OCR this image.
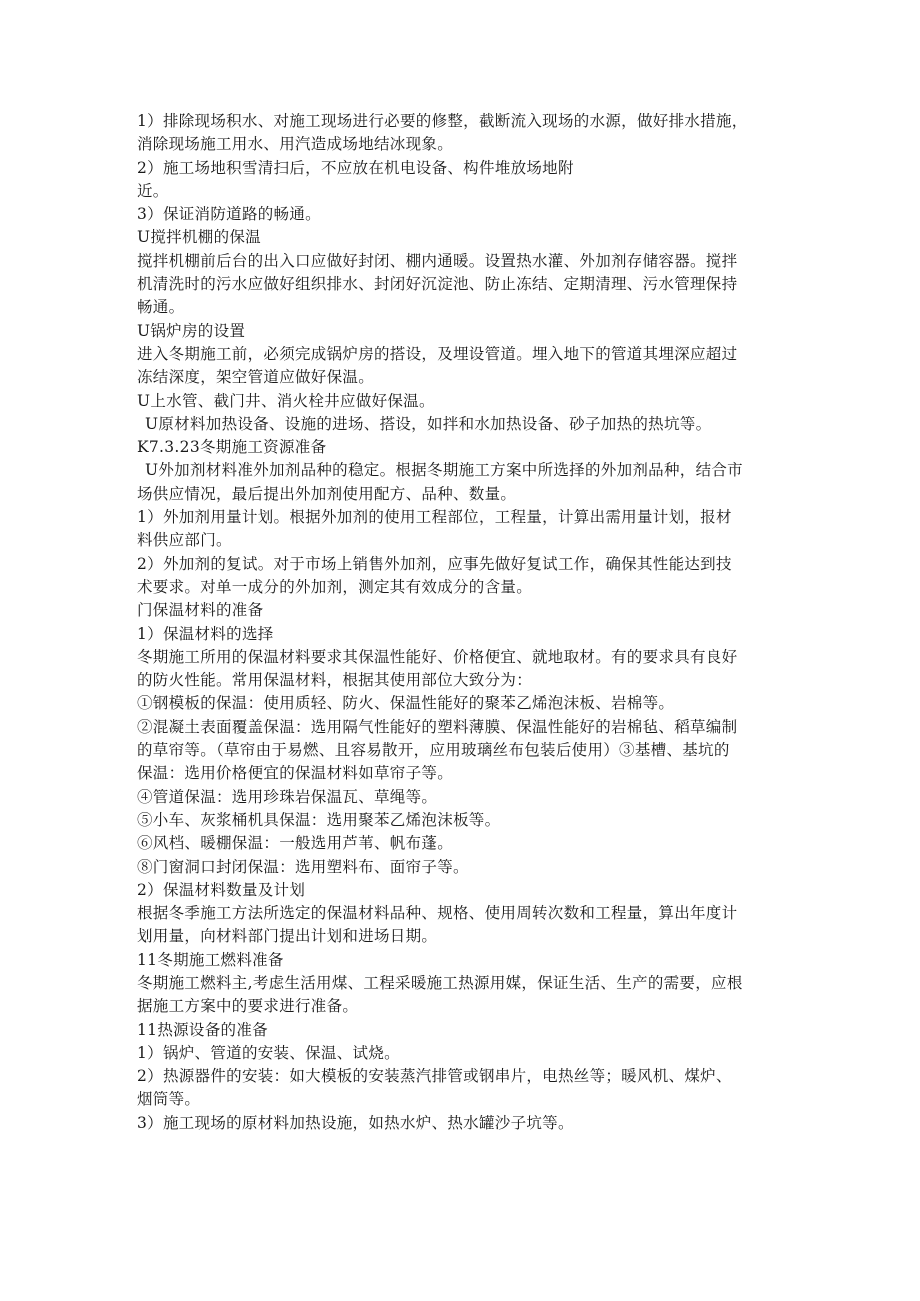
1）排除现场积水、对施工现场进行必要的修整，截断流入现场的水源，做好排水措施，
消除现场施工用水、用汽造成场地结冰现象。
2）施工场地积雪清扫后，不应放在机电设备、构件堆放场地附
近。
3）保证消防道路的畅通。
U搅拌机棚的保温
搅拌机棚前后台的出入口应做好封闭、棚内通暖。设置热水灌、外加剂存储容器。搅拌
机清洗时的污水应做好组织排水、封闭好沉淀池、防止冻结、定期清理、污水管理保持
畅通。
U锅炉房的设置
进入冬期施工前，必须完成锅炉房的搭设，及埋设管道。埋入地下的管道其埋深应超过
冻结深度，架空管道应做好保温。
U上水管、截门井、消火栓井应做好保温。
U原材料加热设备、设施的进场、搭设，如拌和水加热设备、砂子加热的热坑等。
K7.3.23冬期施工资源准备
U外加剂材料准外加剂品种的稳定。根据冬期施工方案中所选择的外加剂品种，结合市
场供应情况，最后提出外加剂使用配方、品种、数量。
1）外加剂用量计划。根据外加剂的使用工程部位，工程量，计算出需用量计划，报材
料供应部门。
2）外加剂的复试。对于市场上销售外加剂，应事先做好复试工作，确保其性能达到技
术要求。对单一成分的外加剂，测定其有效成分的含量。
门保温材料的准备
1）保温材料的选择
冬期施工所用的保温材料要求其保温性能好、价格便宜、就地取材。有的要求具有良好
的防火性能。常用保温材料，根据其使用部位大致分为：
①钢模板的保温：使用质轻、防火、保温性能好的聚苯乙烯泡沫板、岩棉等。
②混凝土表面覆盖保温：选用隔气性能好的塑料薄膜、保温性能好的岩棉毡、稻草编制
的草帘等。（草帘由于易燃、且容易散开，应用玻璃丝布包装后使用）③基槽、基坑的
保温：选用价格便宜的保温材料如草帘子等。
④管道保温：选用珍珠岩保温瓦、草绳等。
⑤小车、灰浆桶机具保温：选用聚苯乙烯泡沫板等。
⑥风档、暖棚保温：一般选用芦苇、帆布蓬。
⑧门窗洞口封闭保温：选用塑料布、面帘子等。
2）保温材料数量及计划
根据冬季施工方法所选定的保温材料品种、规格、使用周转次数和工程量，算出年度计
划用量，向材料部门提出计划和进场日期。
11冬期施工燃料准备
冬期施工燃料主,考虑生活用煤、工程采暖施工热源用媒，保证生活、生产的需要，应根
据施工方案中的要求进行准备。
11热源设备的准备
1）锅炉、管道的安装、保温、试烧。
2）热源器件的安装：如大模板的安装蒸汽排管或钢串片，电热丝等；暖风机、煤炉、
烟筒等。
3）施工现场的原材料加热设施，如热水炉、热水罐沙子坑等。
